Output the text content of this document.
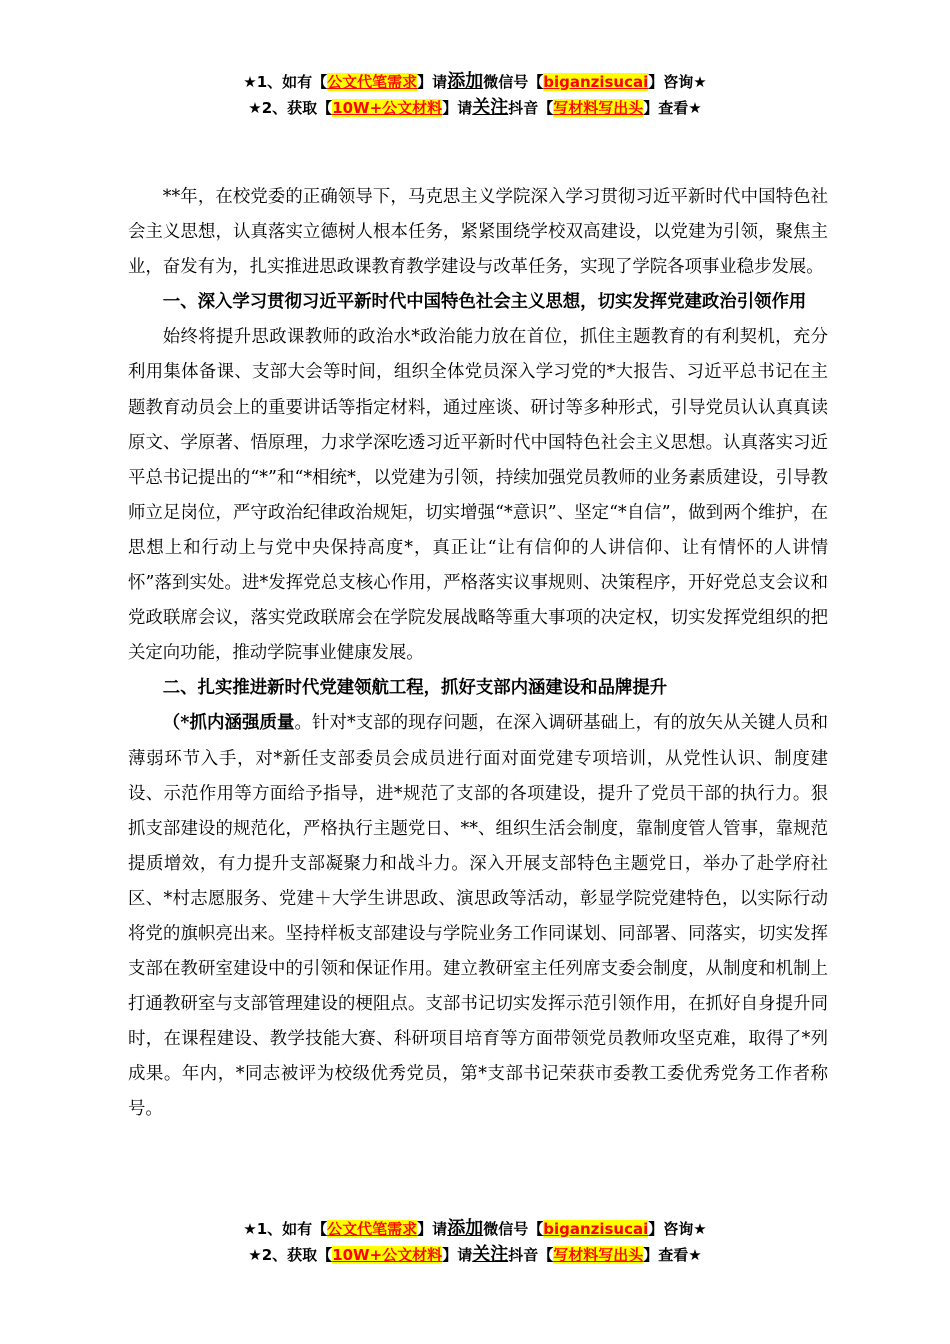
★1、如有【公文代笔需求】请添加微信号【biganzisucai】咨询★
★2、获取【10W+公文材料】请关注抖音【写材料写出头】查看★

**年，在校党委的正确领导下，马克思主义学院深入学习贯彻习近平新时代中国特色社会主义思想，认真落实立德树人根本任务，紧紧围绕学校双高建设，以党建为引领，聚焦主业，奋发有为，扎实推进思政课教育教学建设与改革任务，实现了学院各项事业稳步发展。

一、深入学习贯彻习近平新时代中国特色社会主义思想，切实发挥党建政治引领作用

始终将提升思政课教师的政治水*政治能力放在首位，抓住主题教育的有利契机，充分利用集体备课、支部大会等时间，组织全体党员深入学习党的*大报告、习近平总书记在主题教育动员会上的重要讲话等指定材料，通过座谈、研讨等多种形式，引导党员认认真真读原文、学原著、悟原理，力求学深吃透习近平新时代中国特色社会主义思想。认真落实习近平总书记提出的“*”和“*相统*，以党建为引领，持续加强党员教师的业务素质建设，引导教师立足岗位，严守政治纪律政治规矩，切实增强“*意识”、坚定“*自信”，做到两个维护，在思想上和行动上与党中央保持高度*，真正让“让有信仰的人讲信仰、让有情怀的人讲情怀”落到实处。进*发挥党总支核心作用，严格落实议事规则、决策程序，开好党总支会议和党政联席会议，落实党政联席会在学院发展战略等重大事项的决定权，切实发挥党组织的把关定向功能，推动学院事业健康发展。

二、扎实推进新时代党建领航工程，抓好支部内涵建设和品牌提升

（*抓内涵强质量。针对*支部的现存问题，在深入调研基础上，有的放矢从关键人员和薄弱环节入手，对*新任支部委员会成员进行面对面党建专项培训，从党性认识、制度建设、示范作用等方面给予指导，进*规范了支部的各项建设，提升了党员干部的执行力。狠抓支部建设的规范化，严格执行主题党日、**、组织生活会制度，靠制度管人管事，靠规范提质增效，有力提升支部凝聚力和战斗力。深入开展支部特色主题党日，举办了赴学府社区、*村志愿服务、党建＋大学生讲思政、演思政等活动，彰显学院党建特色，以实际行动将党的旗帜亮出来。坚持样板支部建设与学院业务工作同谋划、同部署、同落实，切实发挥支部在教研室建设中的引领和保证作用。建立教研室主任列席支委会制度，从制度和机制上打通教研室与支部管理建设的梗阻点。支部书记切实发挥示范引领作用，在抓好自身提升同时，在课程建设、教学技能大赛、科研项目培育等方面带领党员教师攻坚克难，取得了*列成果。年内，*同志被评为校级优秀党员，第*支部书记荣获市委教工委优秀党务工作者称号。

★1、如有【公文代笔需求】请添加微信号【biganzisucai】咨询★
★2、获取【10W+公文材料】请关注抖音【写材料写出头】查看★
